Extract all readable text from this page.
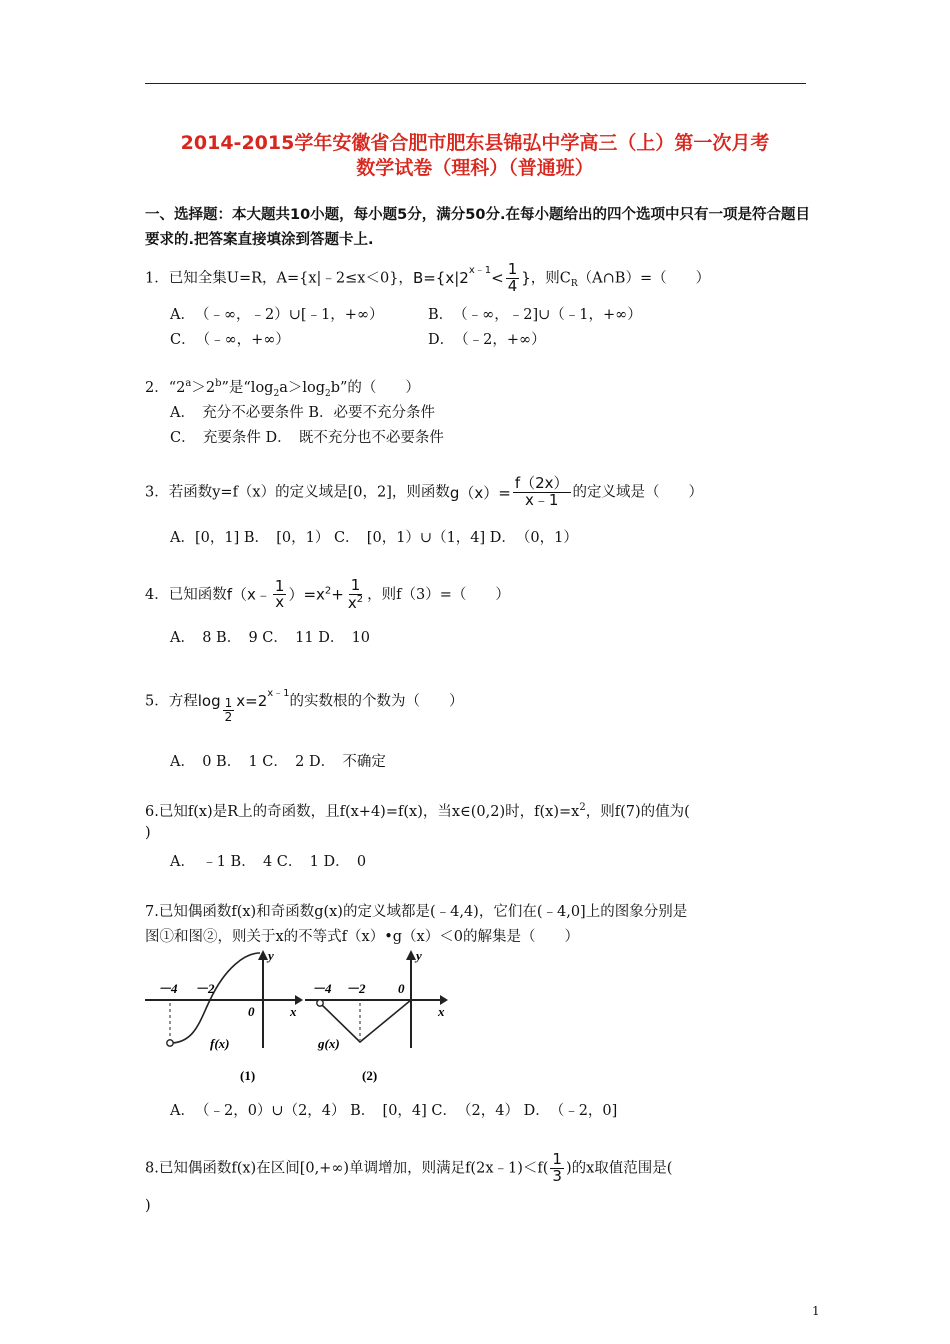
2014-2015学年安徽省合肥市肥东县锦弘中学高三（上）第一次月考
数学试卷（理科）（普通班）
一、选择题：本大题共10小题，每小题5分，满分50分.在每小题给出的四个选项中只有一项是符合题目要求的.把答案直接填涂到答题卡上.
1．已知全集U=R，A={x|﹣2≤x＜0}，$B=\{x|2^{x﹣1}< \frac{1}{4}$ }，则$C_R(A\cap B)=$（　　）
A．　（﹣∞，﹣2）∪[﹣1，+∞）	B．　（﹣∞，﹣2]∪（﹣1，+∞）
C．　（﹣∞，+∞）	D．　（﹣2，+∞）
2．“$2^a>2^b$”是“$\log_2a>\log_2b$”的（　　）
A．　充分不必要条件 B．必要不充分条件
C．　充要条件 D．　既不充分也不必要条件
3．若函数y=f（x）的定义域是[0，2]，则函数$g(x)= \frac{f(2x)}{x﹣1}$ 的定义域是（　　）
A．[0，1] B．　[0，1） C．　[0，1）∪（1，4] D．　（0，1）
4．已知函数f（x﹣ $\frac{1}{x} )=x^2+ \frac{1}{x^2}$ ，则f（3）=（　　）
A．　8 B．　9 C．　11 D．　10
5．方程$\log \frac{1}{2} x=2^{x﹣1}$的实数根的个数为（　　）
A．　0 B．　1 C．　2 D．　不确定
6.已知f(x)是R上的奇函数，且f(x+4)=f(x)，当x∈(0,2)时，$f(x)=x^2$，则f(7)的值为(
)
A．　﹣1 B．　4 C．　1 D．　0
7.已知偶函数f(x)和奇函数g(x)的定义域都是(﹣4,4)，它们在(﹣4,0]上的图象分别是
图①和图②，则关于x的不等式f（x）•g（x）＜0的解集是（　　）
－4 －2
0	x
y
f(x)
(1)
－4 －2 0
x
y
g(x)
(2)
A．　（﹣2，0）∪（2，4） B．　[0，4] C．　（2，4） D．　（﹣2，0]
8.已知偶函数f(x)在区间[0,+∞)单调增加，则满足f(2x﹣1)＜f( $\frac{1}{3}$ )的x取值范围是(
)
1
